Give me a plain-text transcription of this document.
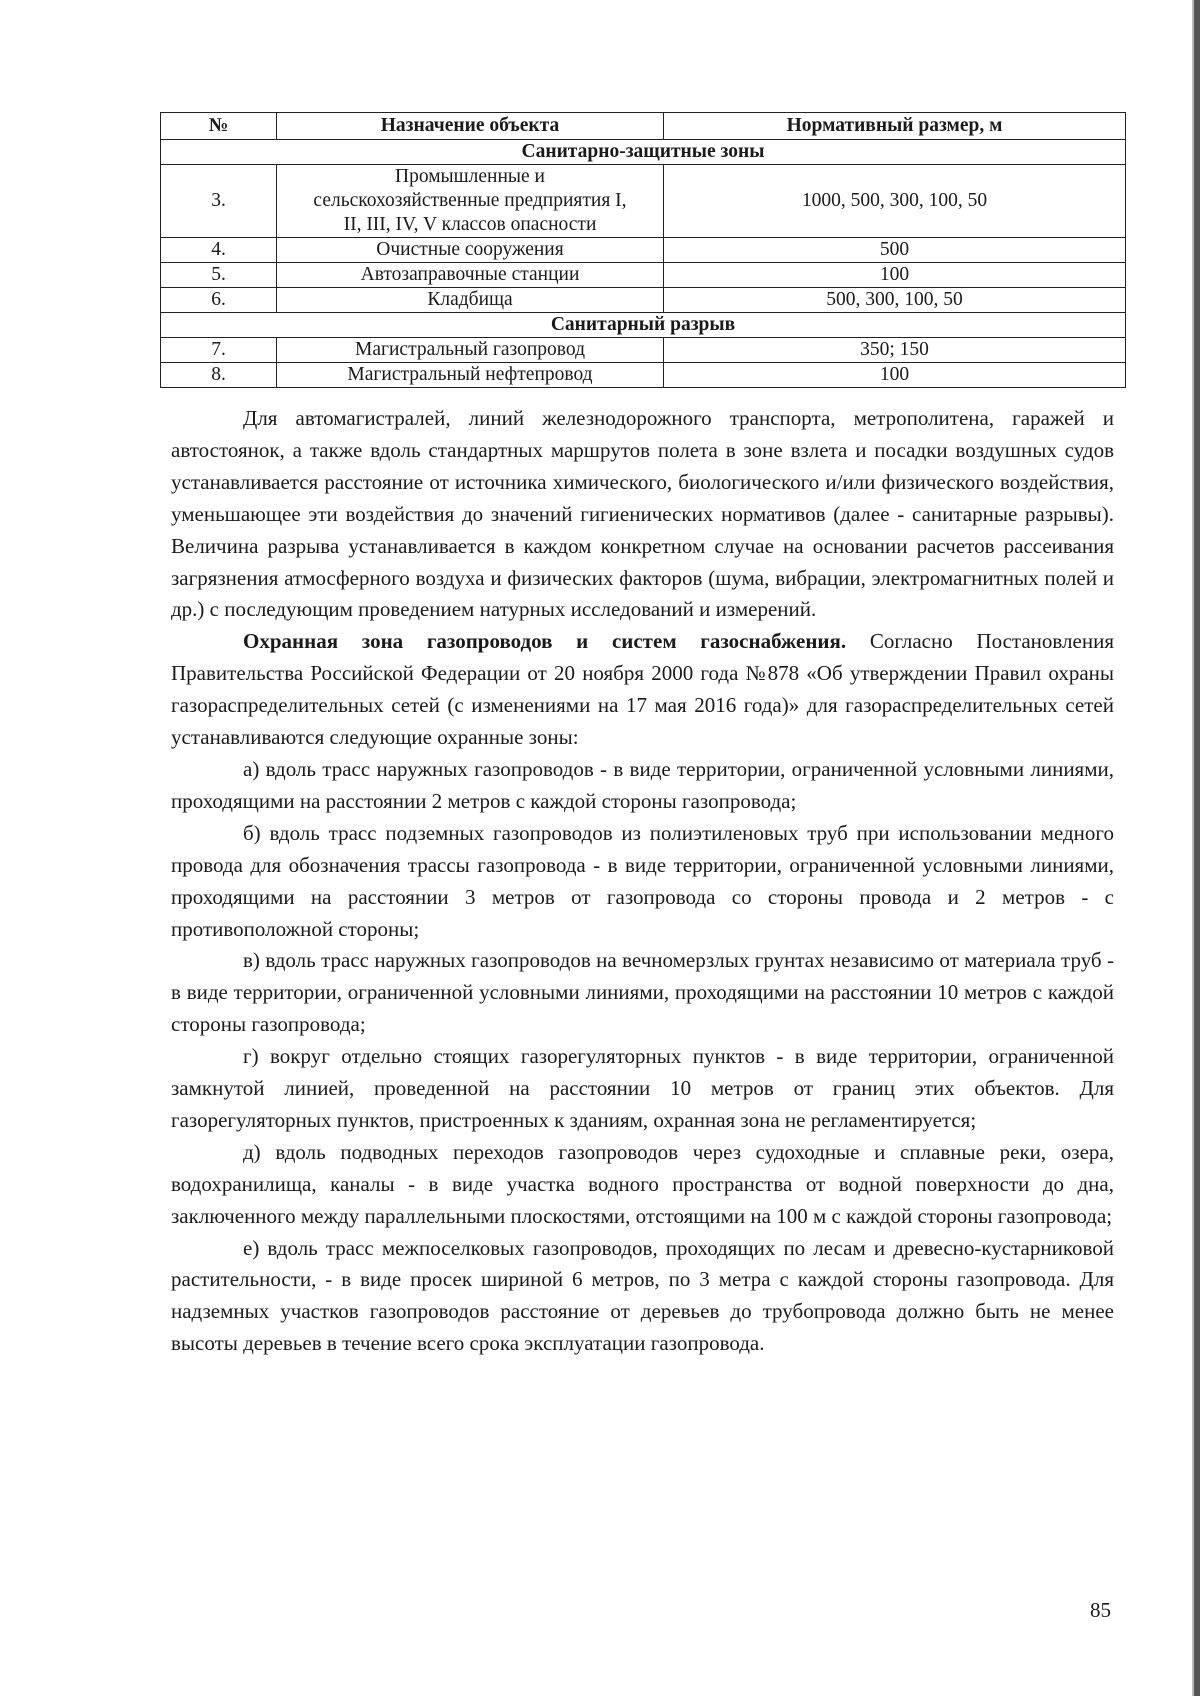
№	Назначение объекта	Нормативный размер, м
Санитарно-защитные зоны		
3.	Промышленные и
сельскохозяйственные предприятия I,
II, III, IV, V классов опасности	1000, 500, 300, 100, 50
4.	Очистные сооружения	500
5.	Автозаправочные станции	100
6.	Кладбища	500, 300, 100, 50
Санитарный разрыв		
7.	Магистральный газопровод	350; 150
8.	Магистральный нефтепровод	100

Для автомагистралей, линий железнодорожного транспорта, метрополитена, гаражей и автостоянок, а также вдоль стандартных маршрутов полета в зоне взлета и посадки воздушных судов устанавливается расстояние от источника химического, биологического и/или физического воздействия, уменьшающее эти воздействия до значений гигиенических нормативов (далее - санитарные разрывы). Величина разрыва устанавливается в каждом конкретном случае на основании расчетов рассеивания загрязнения атмосферного воздуха и физических факторов (шума, вибрации, электромагнитных полей и др.) с последующим проведением натурных исследований и измерений.

Охранная зона газопроводов и систем газоснабжения. Согласно Постановления Правительства Российской Федерации от 20 ноября 2000 года №878 «Об утверждении Правил охраны газораспределительных сетей (с изменениями на 17 мая 2016 года)» для газораспределительных сетей устанавливаются следующие охранные зоны:

а) вдоль трасс наружных газопроводов - в виде территории, ограниченной условными линиями, проходящими на расстоянии 2 метров с каждой стороны газопровода;

б) вдоль трасс подземных газопроводов из полиэтиленовых труб при использовании медного провода для обозначения трассы газопровода - в виде территории, ограниченной условными линиями, проходящими на расстоянии 3 метров от газопровода со стороны провода и 2 метров - с противоположной стороны;

в) вдоль трасс наружных газопроводов на вечномерзлых грунтах независимо от материала труб - в виде территории, ограниченной условными линиями, проходящими на расстоянии 10 метров с каждой стороны газопровода;

г) вокруг отдельно стоящих газорегуляторных пунктов - в виде территории, ограниченной замкнутой линией, проведенной на расстоянии 10 метров от границ этих объектов. Для газорегуляторных пунктов, пристроенных к зданиям, охранная зона не регламентируется;

д) вдоль подводных переходов газопроводов через судоходные и сплавные реки, озера, водохранилища, каналы - в виде участка водного пространства от водной поверхности до дна, заключенного между параллельными плоскостями, отстоящими на 100 м с каждой стороны газопровода;

е) вдоль трасс межпоселковых газопроводов, проходящих по лесам и древесно-кустарниковой растительности, - в виде просек шириной 6 метров, по 3 метра с каждой стороны газопровода. Для надземных участков газопроводов расстояние от деревьев до трубопровода должно быть не менее высоты деревьев в течение всего срока эксплуатации газопровода.

85
